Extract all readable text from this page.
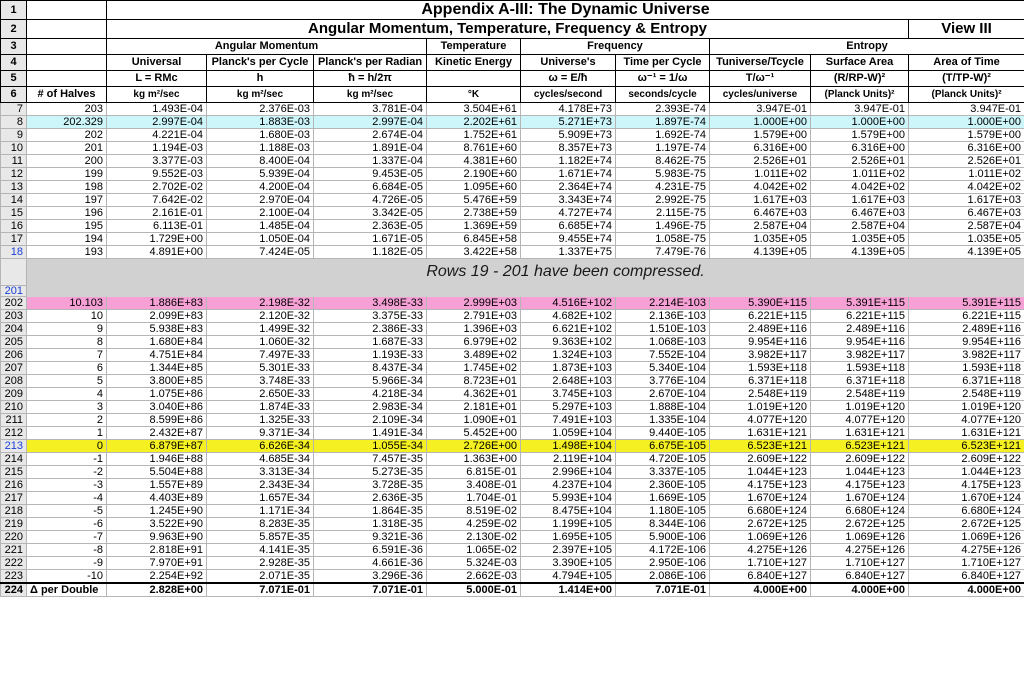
1		Appendix A-III: The Dynamic Universe								
2		Angular Momentum, Temperature, Frequency & Entropy								View III
3		Angular Momentum			Temperature	Frequency		Entropy		
4		Universal	Planck's per Cycle	Planck's per Radian	Kinetic Energy	Universe's	Time per Cycle	Tuniverse/Tcycle	Surface Area	Area of Time
5		L = RMc	h	ħ = h/2π		ω = E/ħ	ω⁻¹ = 1/ω	T/ω⁻¹	(R/RP-W)²	(T/TP-W)²
6	# of Halves	kg m²/sec	kg m²/sec	kg m²/sec	°K	cycles/second	seconds/cycle	cycles/universe	(Planck Units)²	(Planck Units)²
7	203	1.493E-04	2.376E-03	3.781E-04	3.504E+61	4.178E+73	2.393E-74	3.947E-01	3.947E-01	3.947E-01
8	202.329	2.997E-04	1.883E-03	2.997E-04	2.202E+61	5.271E+73	1.897E-74	1.000E+00	1.000E+00	1.000E+00
9	202	4.221E-04	1.680E-03	2.674E-04	1.752E+61	5.909E+73	1.692E-74	1.579E+00	1.579E+00	1.579E+00
10	201	1.194E-03	1.188E-03	1.891E-04	8.761E+60	8.357E+73	1.197E-74	6.316E+00	6.316E+00	6.316E+00
11	200	3.377E-03	8.400E-04	1.337E-04	4.381E+60	1.182E+74	8.462E-75	2.526E+01	2.526E+01	2.526E+01
12	199	9.552E-03	5.939E-04	9.453E-05	2.190E+60	1.671E+74	5.983E-75	1.011E+02	1.011E+02	1.011E+02
13	198	2.702E-02	4.200E-04	6.684E-05	1.095E+60	2.364E+74	4.231E-75	4.042E+02	4.042E+02	4.042E+02
14	197	7.642E-02	2.970E-04	4.726E-05	5.476E+59	3.343E+74	2.992E-75	1.617E+03	1.617E+03	1.617E+03
15	196	2.161E-01	2.100E-04	3.342E-05	2.738E+59	4.727E+74	2.115E-75	6.467E+03	6.467E+03	6.467E+03
16	195	6.113E-01	1.485E-04	2.363E-05	1.369E+59	6.685E+74	1.496E-75	2.587E+04	2.587E+04	2.587E+04
17	194	1.729E+00	1.050E-04	1.671E-05	6.845E+58	9.455E+74	1.058E-75	1.035E+05	1.035E+05	1.035E+05
18	193	4.891E+00	7.424E-05	1.182E-05	3.422E+58	1.337E+75	7.479E-76	4.139E+05	4.139E+05	4.139E+05
		Rows 19 - 201 have been compressed.								
201										
202	10.103	1.886E+83	2.198E-32	3.498E-33	2.999E+03	4.516E+102	2.214E-103	5.390E+115	5.391E+115	5.391E+115
203	10	2.099E+83	2.120E-32	3.375E-33	2.791E+03	4.682E+102	2.136E-103	6.221E+115	6.221E+115	6.221E+115
204	9	5.938E+83	1.499E-32	2.386E-33	1.396E+03	6.621E+102	1.510E-103	2.489E+116	2.489E+116	2.489E+116
205	8	1.680E+84	1.060E-32	1.687E-33	6.979E+02	9.363E+102	1.068E-103	9.954E+116	9.954E+116	9.954E+116
206	7	4.751E+84	7.497E-33	1.193E-33	3.489E+02	1.324E+103	7.552E-104	3.982E+117	3.982E+117	3.982E+117
207	6	1.344E+85	5.301E-33	8.437E-34	1.745E+02	1.873E+103	5.340E-104	1.593E+118	1.593E+118	1.593E+118
208	5	3.800E+85	3.748E-33	5.966E-34	8.723E+01	2.648E+103	3.776E-104	6.371E+118	6.371E+118	6.371E+118
209	4	1.075E+86	2.650E-33	4.218E-34	4.362E+01	3.745E+103	2.670E-104	2.548E+119	2.548E+119	2.548E+119
210	3	3.040E+86	1.874E-33	2.983E-34	2.181E+01	5.297E+103	1.888E-104	1.019E+120	1.019E+120	1.019E+120
211	2	8.599E+86	1.325E-33	2.109E-34	1.090E+01	7.491E+103	1.335E-104	4.077E+120	4.077E+120	4.077E+120
212	1	2.432E+87	9.371E-34	1.491E-34	5.452E+00	1.059E+104	9.440E-105	1.631E+121	1.631E+121	1.631E+121
213	0	6.879E+87	6.626E-34	1.055E-34	2.726E+00	1.498E+104	6.675E-105	6.523E+121	6.523E+121	6.523E+121
214	-1	1.946E+88	4.685E-34	7.457E-35	1.363E+00	2.119E+104	4.720E-105	2.609E+122	2.609E+122	2.609E+122
215	-2	5.504E+88	3.313E-34	5.273E-35	6.815E-01	2.996E+104	3.337E-105	1.044E+123	1.044E+123	1.044E+123
216	-3	1.557E+89	2.343E-34	3.728E-35	3.408E-01	4.237E+104	2.360E-105	4.175E+123	4.175E+123	4.175E+123
217	-4	4.403E+89	1.657E-34	2.636E-35	1.704E-01	5.993E+104	1.669E-105	1.670E+124	1.670E+124	1.670E+124
218	-5	1.245E+90	1.171E-34	1.864E-35	8.519E-02	8.475E+104	1.180E-105	6.680E+124	6.680E+124	6.680E+124
219	-6	3.522E+90	8.283E-35	1.318E-35	4.259E-02	1.199E+105	8.344E-106	2.672E+125	2.672E+125	2.672E+125
220	-7	9.963E+90	5.857E-35	9.321E-36	2.130E-02	1.695E+105	5.900E-106	1.069E+126	1.069E+126	1.069E+126
221	-8	2.818E+91	4.141E-35	6.591E-36	1.065E-02	2.397E+105	4.172E-106	4.275E+126	4.275E+126	4.275E+126
222	-9	7.970E+91	2.928E-35	4.661E-36	5.324E-03	3.390E+105	2.950E-106	1.710E+127	1.710E+127	1.710E+127
223	-10	2.254E+92	2.071E-35	3.296E-36	2.662E-03	4.794E+105	2.086E-106	6.840E+127	6.840E+127	6.840E+127
224	Δ per Double	2.828E+00	7.071E-01	7.071E-01	5.000E-01	1.414E+00	7.071E-01	4.000E+00	4.000E+00	4.000E+00
